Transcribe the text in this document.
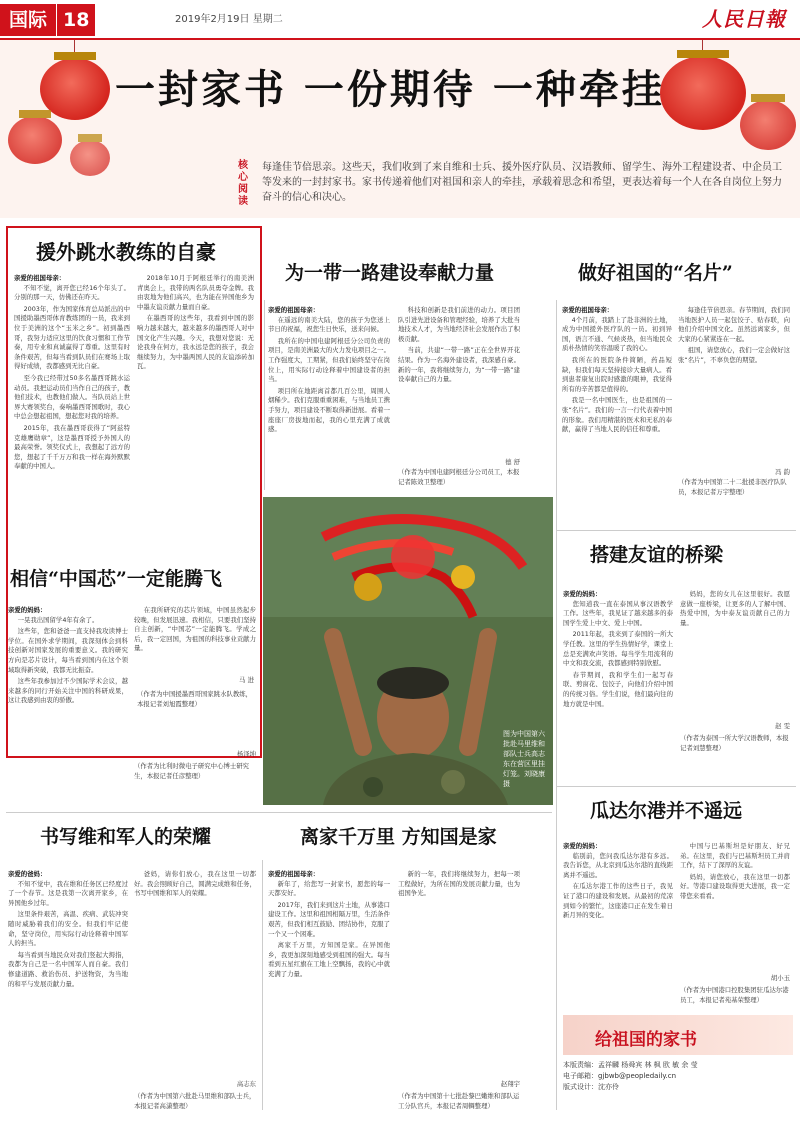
国际 18	2019年2月19日 星期二	人民日報
一封家书 一份期待 一种牵挂
核心阅读
每逢佳节倍思亲。这些天，我们收到了来自维和士兵、援外医疗队员、汉语教师、留学生、海外工程建设者、中企员工等发来的一封封家书。家书传递着他们对祖国和亲人的牵挂，承载着思念和希望，更表达着每一个人在各自岗位上努力奋斗的信心和决心。
援外跳水教练的自豪
亲爱的祖国母亲：

不知不觉，离开您已经16个年头了。分别的那一天，仿佛还在昨天。

2003年，作为国家体育总局派出的中国援助墨西哥体育教练团的一员，我来到位于美洲的这个“玉米之乡”。初到墨西哥，我努力适应这里的饮食习惯和工作节奏，用专业和真诚赢得了尊重。这里有时条件艰苦，但每当看到队员们在赛场上取得好成绩，我都感到无比自豪。

至今我已经带过50多名墨西哥跳水运动员。我把运动员们当作自己的孩子，教他们技术，也教他们做人。当队员站上世界大赛领奖台，奏响墨西哥国歌时，我心中总会想起祖国，想起您对我的培养。

2015年，我在墨西哥获得了“阿兹特克雄鹰勋章”，这是墨西哥授予外国人的最高荣誉。领奖仪式上，我想起了远方的您，想起了千千万万和我一样在海外默默奉献的中国人。

2018年10月于阿根廷举行的南美洲青奥会上，我带的两名队员勇夺金牌。我由衷地为他们高兴，也为能在异国他乡为中墨友谊贡献力量而自豪。

在墨西哥的这些年，我看到中国的影响力越来越大，越来越多的墨西哥人对中国文化产生兴趣。今天，我想对您说：无论我身在何方，我永远是您的孩子，我会继续努力，为中墨两国人民的友谊添砖加瓦。

马 进
（作者为中国援墨西哥国家跳水队教练，本报记者刘旭霞整理）
为一带一路建设奉献力量
亲爱的祖国母亲：

在遥远的南美大陆，您的孩子为您送上节日的祝福，祝您生日快乐，送来问候。

我所在的中国电建阿根廷分公司负责的项目，是南美洲最大的火力发电项目之一。工作强度大，工期紧，但我们始终坚守在岗位上，用实际行动诠释着中国建设者的担当。

项目所在地距离首都几百公里，周围人烟稀少。我们克服重重困难，与当地员工携手努力，项目建设不断取得新进展。看着一座座厂房拔地而起，我的心里充满了成就感。

科技和创新是我们前进的动力。项目团队引进先进设备和管理经验，培养了大批当地技术人才，为当地经济社会发展作出了积极贡献。

当前，共建“一带一路”正在全世界开花结果。作为一名海外建设者，我深感自豪。新的一年，我将继续努力，为“一带一路”建设奉献自己的力量。

德 舒
（作者为中国电建阿根廷分公司员工，本报记者陈效卫整理）
做好祖国的“名片”
亲爱的祖国母亲：

4个月前，我踏上了赴非洲的土地，成为中国援外医疗队的一员。初到异国，语言不通、气候炎热，但当地民众质朴热情的笑容温暖了我的心。

我所在的医院条件简陋，药品短缺，但我们每天坚持接诊大量病人。看到患者康复出院时感激的眼神，我觉得所有的辛苦都是值得的。

我是一名中国医生，也是祖国的一张“名片”。我们的一言一行代表着中国的形象。我们用精湛的医术和无私的奉献，赢得了当地人民的信任和尊重。

每逢佳节倍思亲。春节期间，我们同当地医护人员一起包饺子、贴春联，向他们介绍中国文化。虽然远离家乡，但大家的心紧紧连在一起。

祖国，请您放心，我们一定会做好这张“名片”，不辜负您的期望。

冯 韵
（作者为中国第二十二批援非医疗队队员，本报记者万宇整理）
相信“中国芯”一定能腾飞
亲爱的妈妈：

一晃我出国留学4年有余了。

这些年，您和爸爸一直支持我攻读博士学位。在国外求学期间，我深刻体会到科技创新对国家发展的重要意义。我的研究方向是芯片设计，每当看到国内在这个领域取得新突破，我都无比振奋。

这些年我参加过不少国际学术会议，越来越多的同行开始关注中国的科研成果，这让我感到由衷的骄傲。

在我所研究的芯片领域，中国虽然起步较晚，但发展迅速。我相信，只要我们坚持自主创新，“中国芯”一定能腾飞。学成之后，我一定回国，为祖国的科技事业贡献力量。

杨泽坤
（作者为比利时微电子研究中心博士研究生，本报记者任彦整理）
图为中国第六批赴马里维和部队士兵高志东在营区里挂灯笼。刘晓康摄
搭建友谊的桥梁
亲爱的妈妈：

您知道我一直在泰国从事汉语教学工作。这些年，我见证了越来越多的泰国学生爱上中文、爱上中国。

2011年起，我来到了泰国的一所大学任教。这里的学生热情好学，课堂上总是充满欢声笑语。每当学生用流利的中文和我交流，我都感到特别欣慰。

春节期间，我和学生们一起写春联、剪窗花、包饺子，向他们介绍中国的传统习俗。学生们说，他们最向往的地方就是中国。

妈妈，您的女儿在这里很好。我愿意做一座桥梁，让更多的人了解中国、热爱中国，为中泰友谊贡献自己的力量。

赵 雯
（作者为泰国一所大学汉语教师，本报记者刘慧整理）
书写维和军人的荣耀
亲爱的爸妈：

不知不觉中，我在维和任务区已经度过了一个春节。这是我第一次离开家乡，在异国他乡过年。

这里条件艰苦，高温、疾病、武装冲突随时威胁着我们的安全。但我们牢记使命，坚守岗位，用实际行动诠释着中国军人的担当。

每当看到当地民众对我们竖起大拇指，我都为自己是一名中国军人而自豪。我们修建道路、救治伤员、护送物资，为当地的和平与发展贡献力量。

爸妈，请你们放心，我在这里一切都好。我会照顾好自己，圆满完成维和任务，书写中国维和军人的荣耀。

高志东
（作者为中国第六批赴马里维和部队士兵，本报记者高潇整理）
离家千万里 方知国是家
亲爱的祖国母亲：

新年了，给您写一封家书，愿您的每一天都安好。

2017年，我们来到这片土地，从事港口建设工作。这里和祖国相隔万里，生活条件艰苦，但我们相互鼓励、团结协作，克服了一个又一个困难。

离家千万里，方知国是家。在异国他乡，我更加深刻地感受到祖国的强大。每当看到五星红旗在工地上空飘扬，我的心中就充满了力量。

新的一年，我们将继续努力，把每一项工程做好，为所在国的发展贡献力量，也为祖国争光。

赵翔宇
（作者为中国第十七批赴黎巴嫩维和部队运工分队官兵，本报记者周輖整理）
瓜达尔港并不遥远
亲爱的妈妈：

临别前，您问我瓜达尔港有多远。我告诉您，从北京到瓜达尔港的直线距离并不遥远。

在瓜达尔港工作的这些日子，我见证了港口的建设和发展。从最初的荒凉到如今的繁忙，这座港口正在发生着日新月异的变化。

中国与巴基斯坦是好朋友、好兄弟。在这里，我们与巴基斯坦员工并肩工作，结下了深厚的友谊。

妈妈，请您放心，我在这里一切都好。等港口建设取得更大进展，我一定带您来看看。

胡小玉
（作者为中国港口控股集团驻瓜达尔港员工，本报记者苑基荣整理）
给祖国的家书
本版责编：孟祥麟 杨舜宾 林 枫 欧 敏 余 莹
电子邮箱：gjbwb@peopledaily.cn
版式设计：沈亦伶
